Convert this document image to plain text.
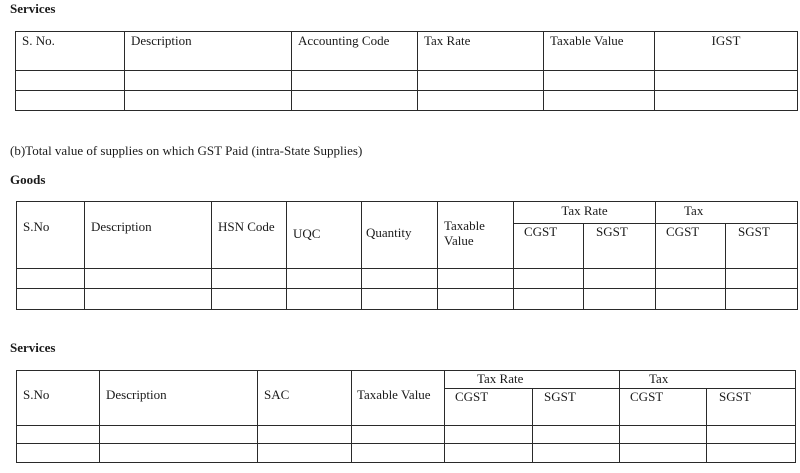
Services
S. No.	Description	Accounting Code	Tax Rate	Taxable Value	IGST

(b)Total value of supplies on which GST Paid (intra-State Supplies)
Goods
S.No	Description	HSN Code	UQC	Quantity	Taxable Value	Tax Rate		Tax	

						CGST	SGST	CGST	SGST

Services
S.No	Description	SAC	Taxable Value	Tax Rate		Tax	

				CGST	SGST	CGST	SGST
